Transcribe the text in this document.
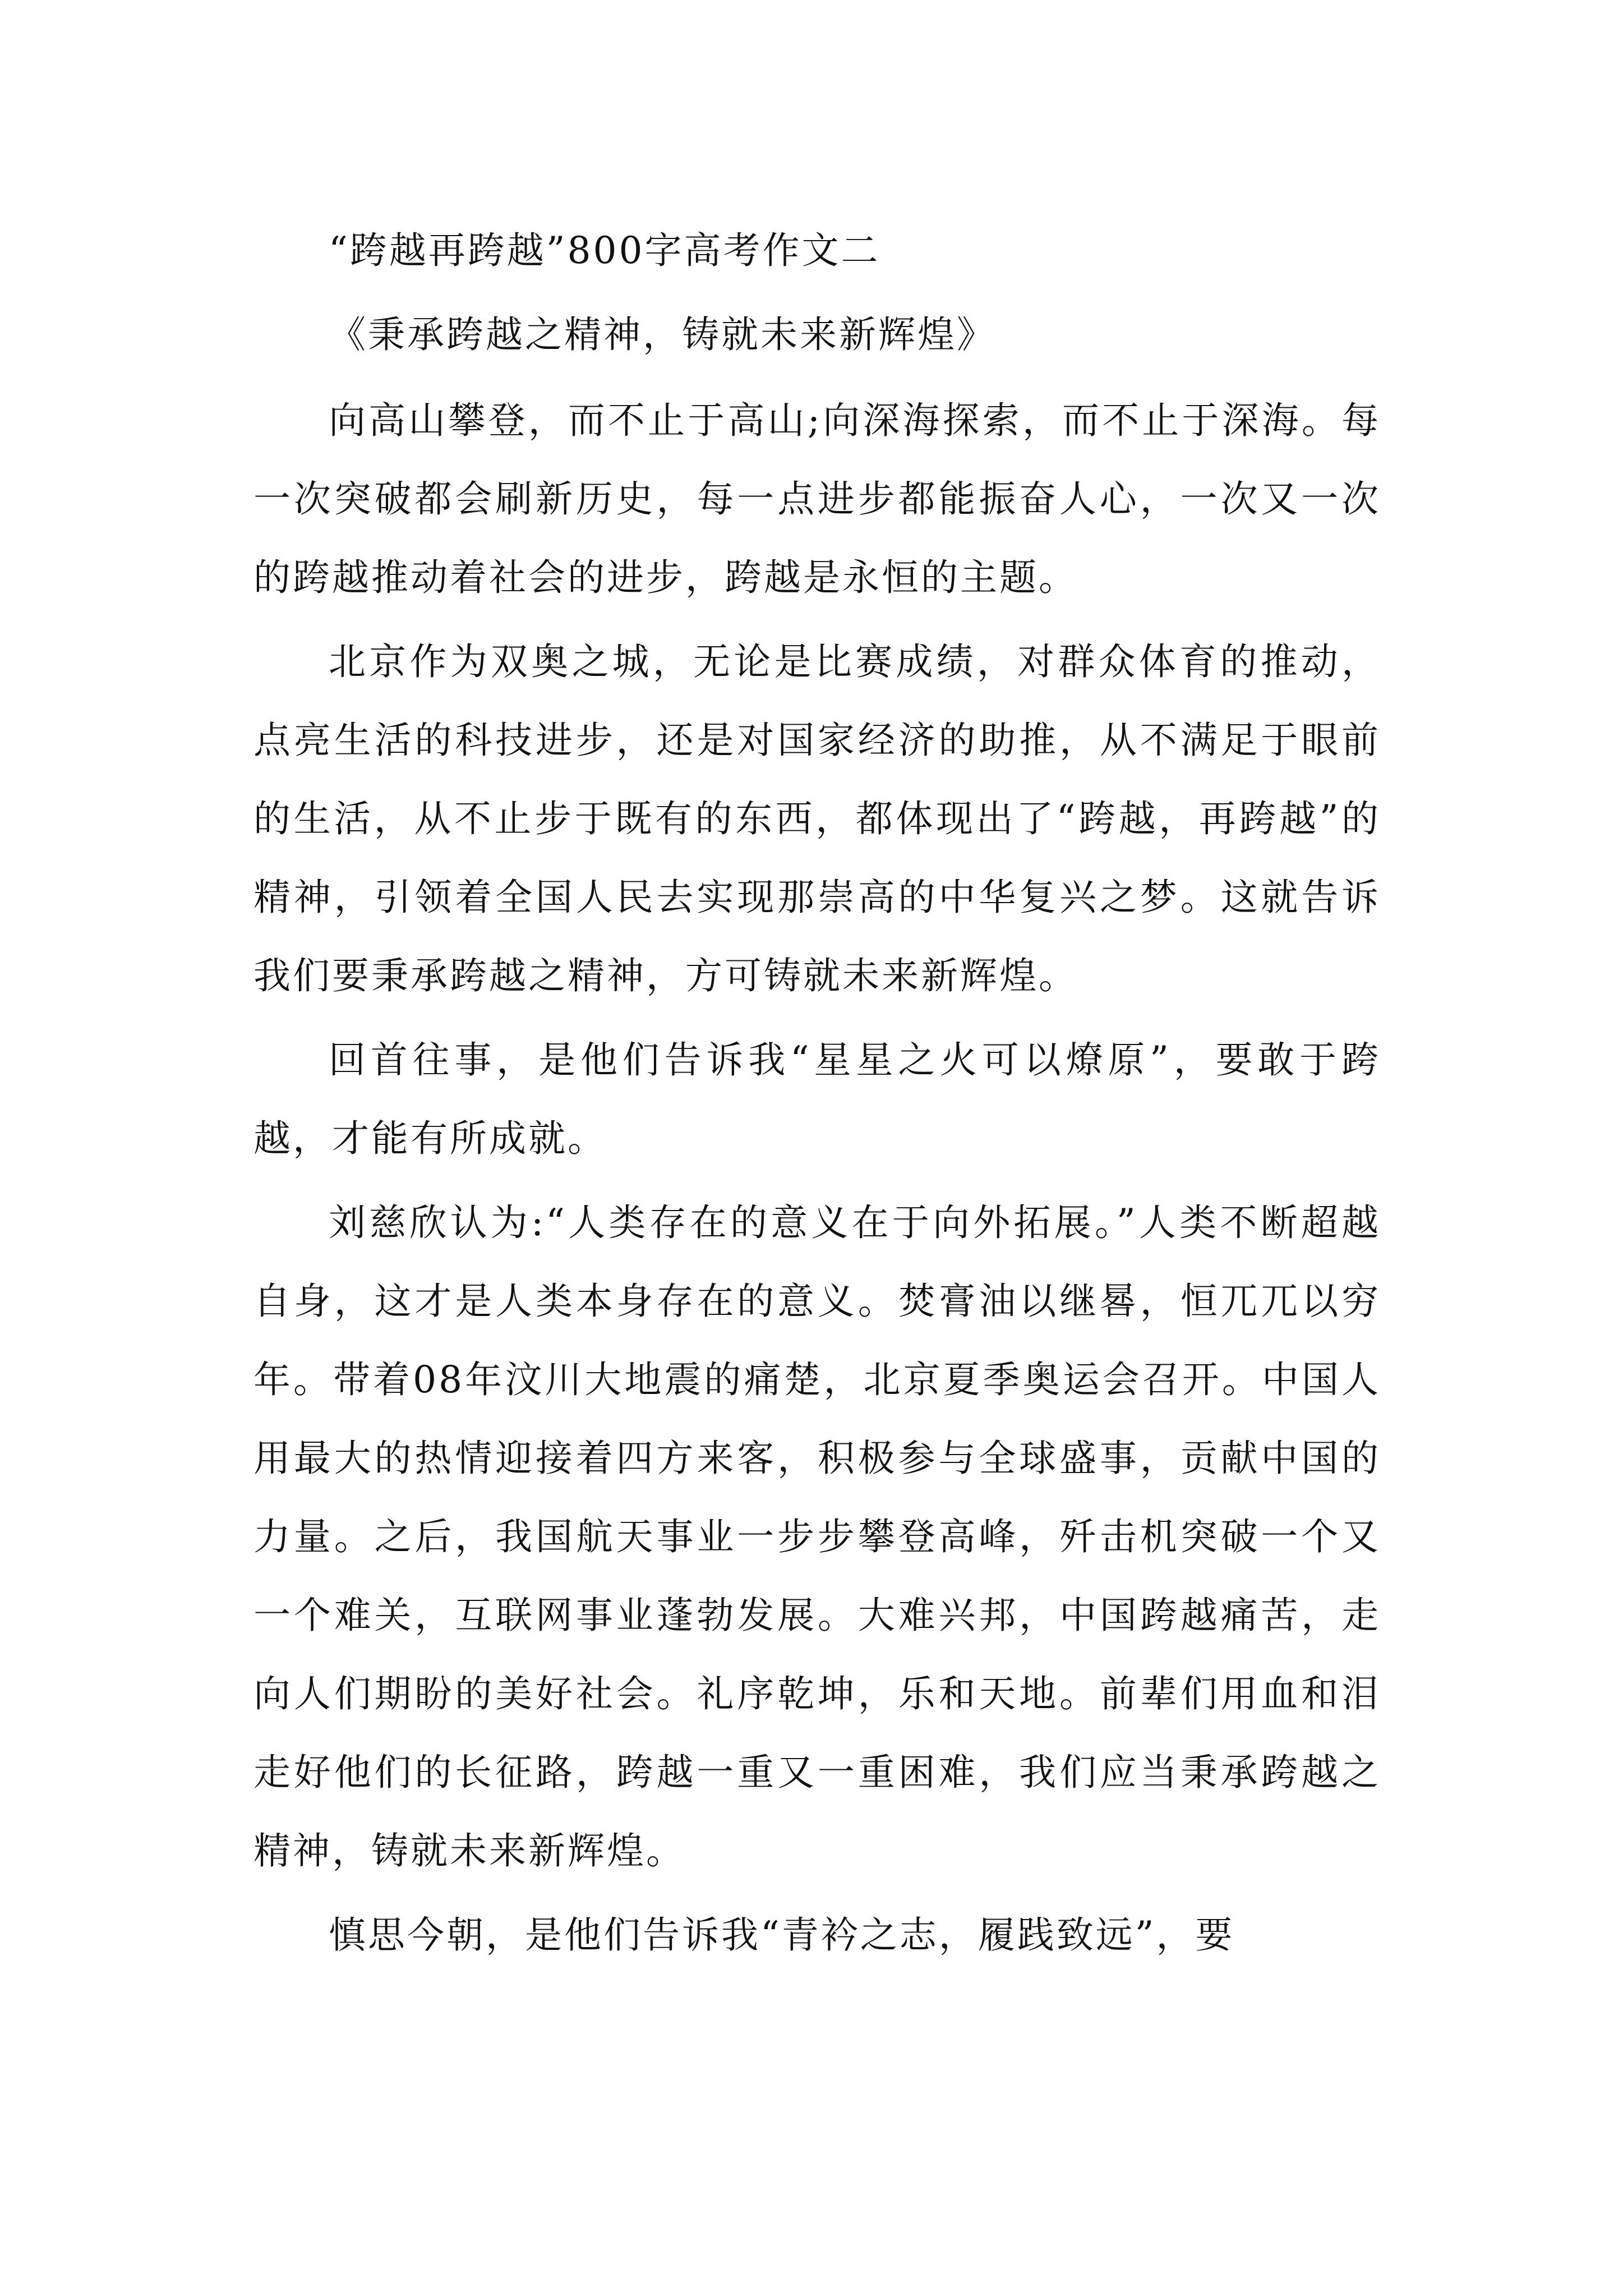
“跨越再跨越”800字高考作文二
《秉承跨越之精神，铸就未来新辉煌》

向高山攀登，而不止于高山;向深海探索，而不止于深海。每一次突破都会刷新历史，每一点进步都能振奋人心，一次又一次的跨越推动着社会的进步，跨越是永恒的主题。

北京作为双奥之城，无论是比赛成绩，对群众体育的推动，点亮生活的科技进步，还是对国家经济的助推，从不满足于眼前的生活，从不止步于既有的东西，都体现出了“跨越，再跨越”的精神，引领着全国人民去实现那崇高的中华复兴之梦。这就告诉我们要秉承跨越之精神，方可铸就未来新辉煌。

回首往事，是他们告诉我“星星之火可以燎原”，要敢于跨越，才能有所成就。

刘慈欣认为:“人类存在的意义在于向外拓展。”人类不断超越自身，这才是人类本身存在的意义。焚膏油以继晷，恒兀兀以穷年。带着08年汶川大地震的痛楚，北京夏季奥运会召开。中国人用最大的热情迎接着四方来客，积极参与全球盛事，贡献中国的力量。之后，我国航天事业一步步攀登高峰，歼击机突破一个又一个难关，互联网事业蓬勃发展。大难兴邦，中国跨越痛苦，走向人们期盼的美好社会。礼序乾坤，乐和天地。前辈们用血和泪走好他们的长征路，跨越一重又一重困难，我们应当秉承跨越之精神，铸就未来新辉煌。

慎思今朝，是他们告诉我“青衿之志，履践致远”，要
